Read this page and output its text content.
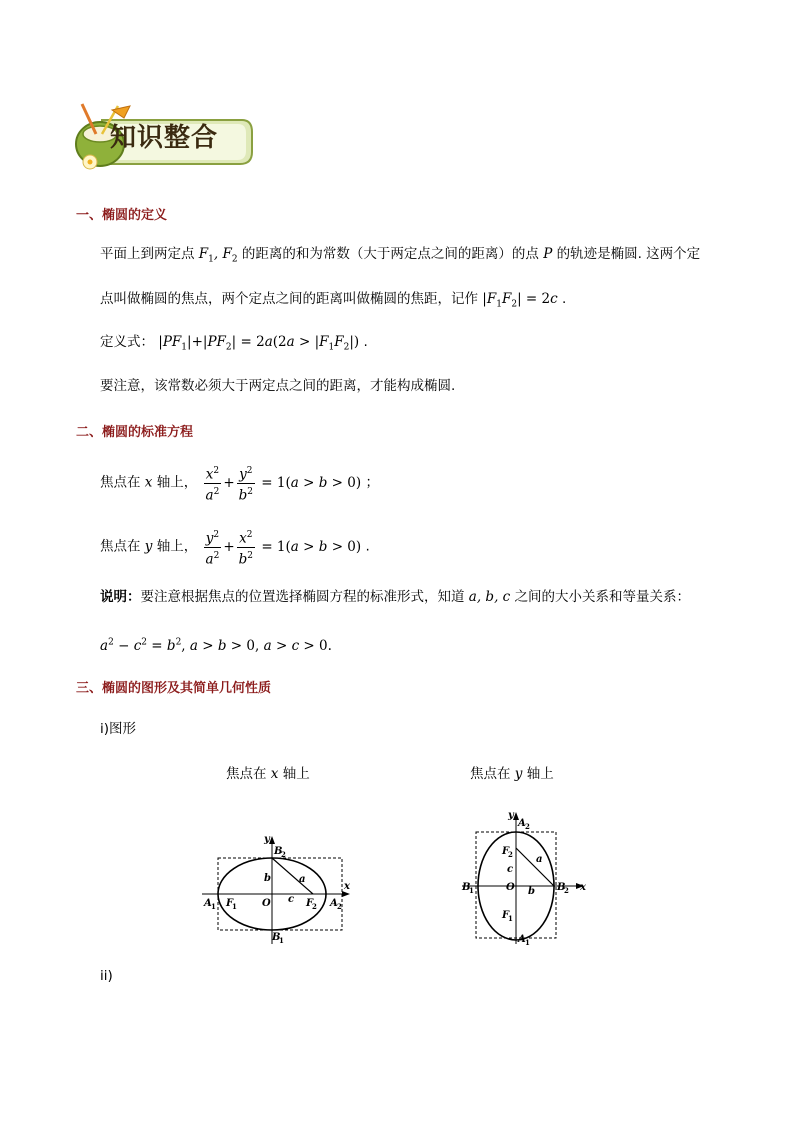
知识整合
一、椭圆的定义
平面上到两定点 $F_1$, $F_2$ 的距离的和为常数（大于两定点之间的距离）的点 P 的轨迹是椭圆. 这两个定
点叫做椭圆的焦点，两个定点之间的距离叫做椭圆的焦距，记作 $|F_1F_2| = 2c$ .
定义式： $|PF_1|+|PF_2| = 2a(2a > |F_1F_2|)$ .
要注意，该常数必须大于两定点之间的距离，才能构成椭圆.
二、椭圆的标准方程
焦点在 x 轴上， $\frac{x^2}{a^2} + \frac{y^2}{b^2} = 1(a > b > 0)$ ；
焦点在 y 轴上， $\frac{y^2}{a^2} + \frac{x^2}{b^2} = 1(a > b > 0)$ .
说明：要注意根据焦点的位置选择椭圆方程的标准形式，知道 a, b, c 之间的大小关系和等量关系：
$a^2 - c^2 = b^2$, a > b > 0, a > c > 0.
三、椭圆的图形及其简单几何性质
i)图形
焦点在 x 轴上	焦点在 y 轴上
x
y
B
2
B
1
A 1	A 2
F
1	F
2
O
b
c
a
x
y
A 2
A 1
B
1	B
2
F
2
F
1
O
c
b
a
ii)
